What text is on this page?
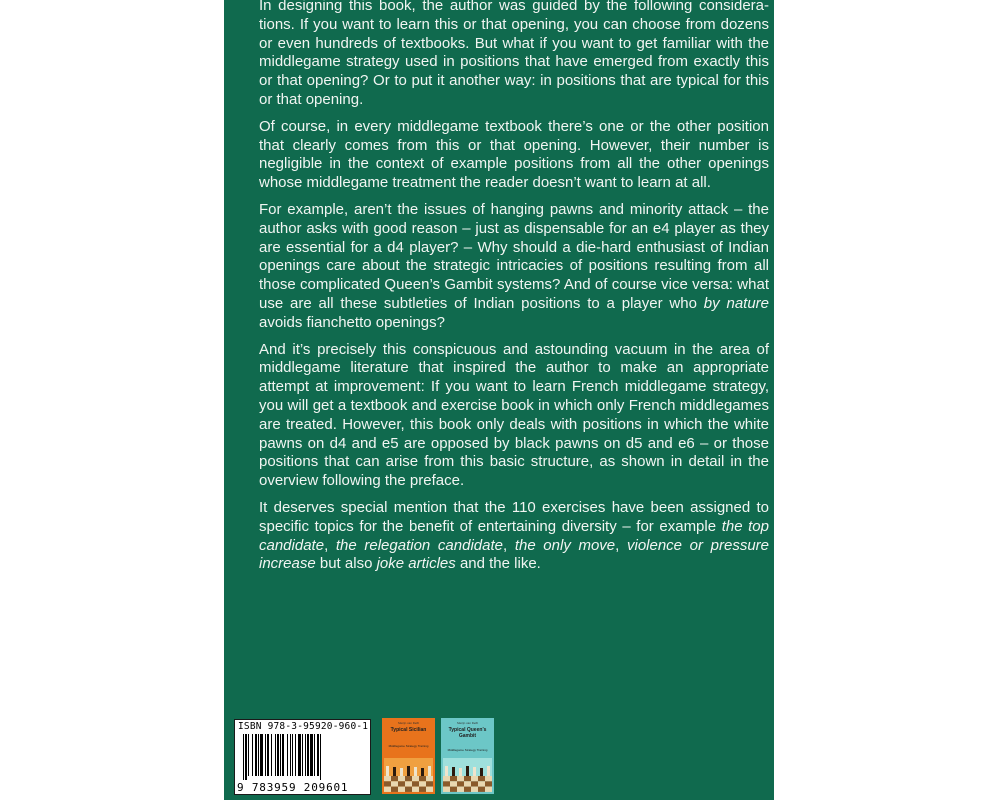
In designing this book, the author was guided by the following considerations. If you want to learn this or that opening, you can choose from dozens or even hundreds of textbooks. But what if you want to get familiar with the middlegame strategy used in positions that have emerged from exactly this or that opening? Or to put it another way: in positions that are typical for this or that opening.

Of course, in every middlegame textbook there’s one or the other position that clearly comes from this or that opening. However, their number is negligible in the context of example positions from all the other openings whose middlegame treatment the reader doesn’t want to learn at all.

For example, aren’t the issues of hanging pawns and minority attack – the author asks with good reason – just as dispensable for an e4 player as they are essential for a d4 player? – Why should a die-hard enthusiast of Indian openings care about the strategic intricacies of positions resulting from all those complicated Queen’s Gambit systems? And of course vice versa: what use are all these subtleties of Indian positions to a player who by nature avoids fianchetto openings?

And it’s precisely this conspicuous and astounding vacuum in the area of middlegame literature that inspired the author to make an appropriate attempt at improvement: If you want to learn French middlegame strategy, you will get a textbook and exercise book in which only French middlegames are treated. However, this book only deals with positions in which the white pawns on d4 and e5 are opposed by black pawns on d5 and e6 – or those positions that can arise from this basic structure, as shown in detail in the overview following the preface.

It deserves special mention that the 110 exercises have been assigned to specific topics for the benefit of entertaining diversity – for example the top candidate, the relegation candidate, the only move, violence or pressure increase but also joke articles and the like.

ISBN 978-3-95920-960-1
9 783959 209601
Merijn van Delft
Typical Sicilian
Middlegame Strategy Training
Merijn van Delft
Typical Queen’s Gambit
Middlegame Strategy Training
